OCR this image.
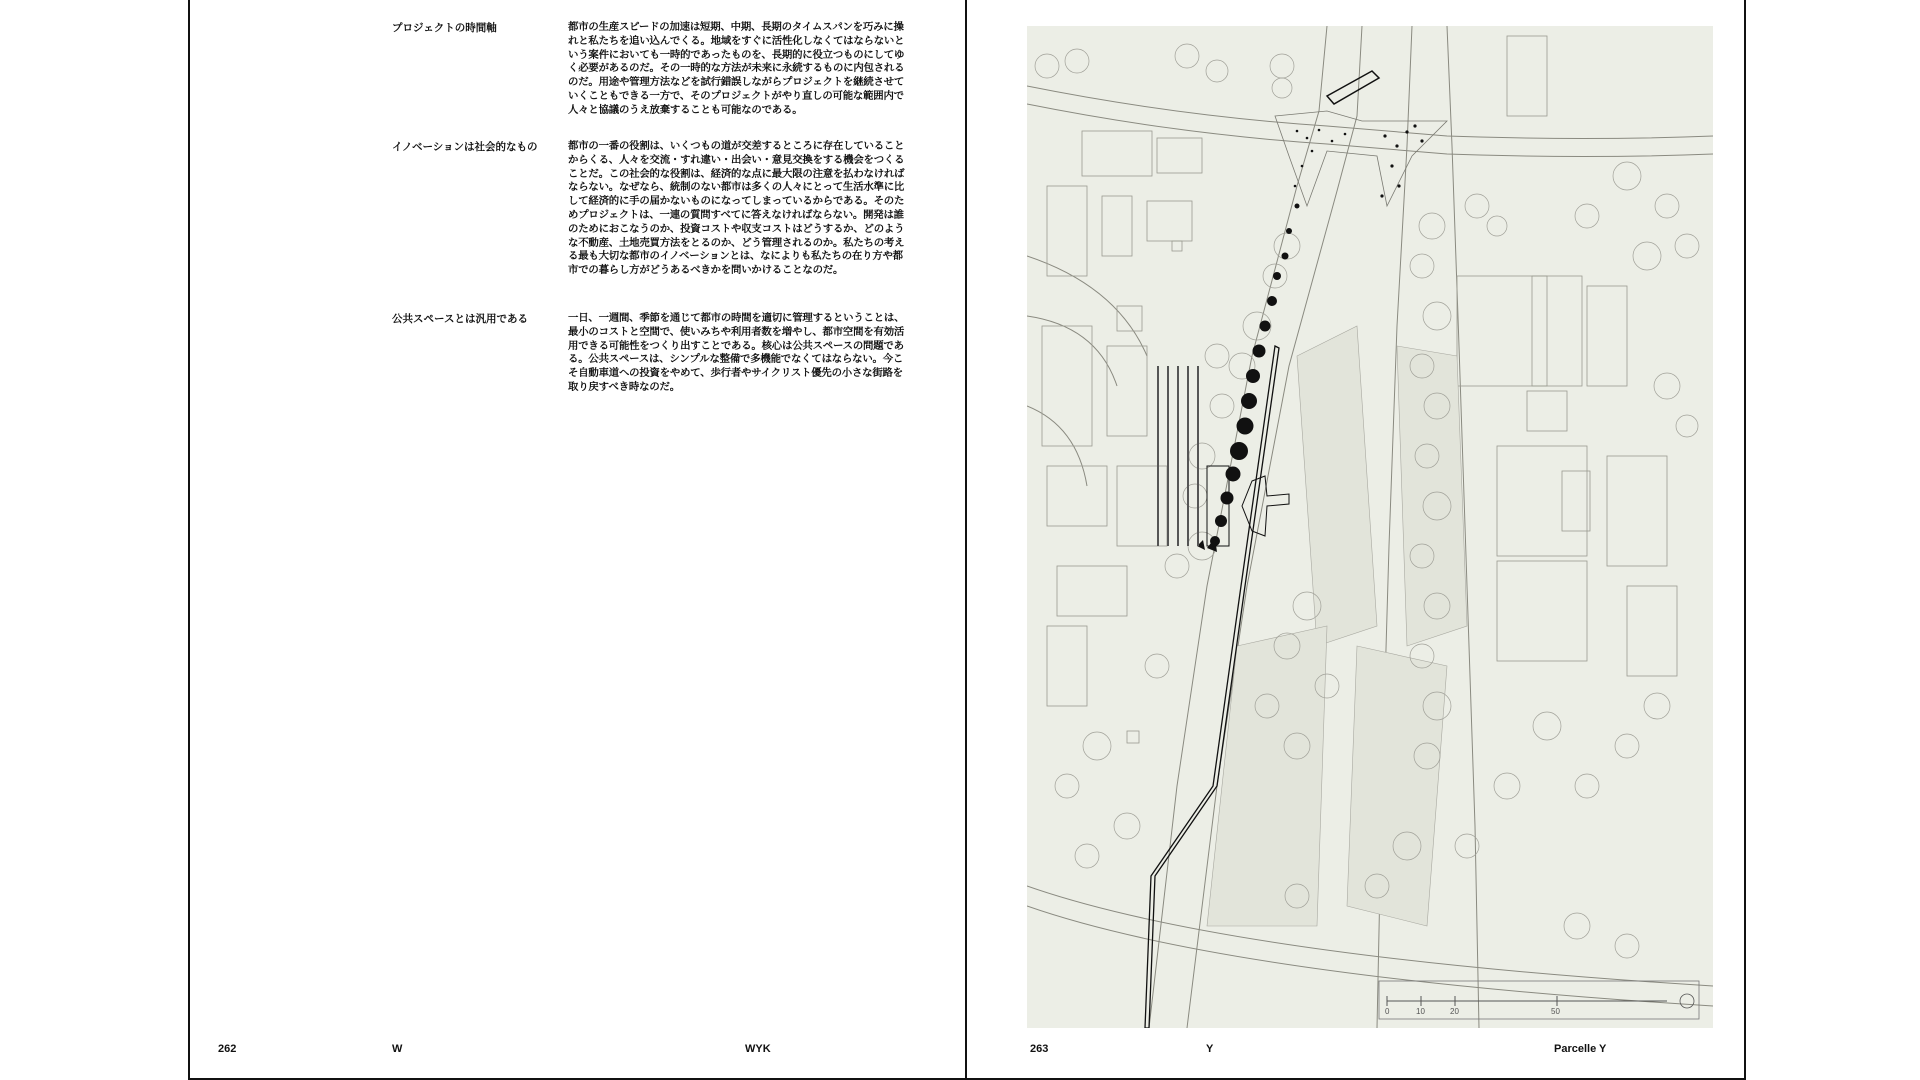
プロジェクトの時間軸	都市の生産スピードの加速は短期、中期、長期のタイムスパンを巧みに操れと私たちを追い込んでくる。地域をすぐに活性化しなくてはならないという案件においても一時的であったものを、長期的に役立つものにしてゆく必要があるのだ。その一時的な方法が未来に永続するものに内包されるのだ。用途や管理方法などを試行錯誤しながらプロジェクトを継続させていくこともできる一方で、そのプロジェクトがやり直しの可能な範囲内で人々と協議のうえ放棄することも可能なのである。
イノベーションは社会的なもの	都市の一番の役割は、いくつもの道が交差するところに存在していることからくる、人々を交流・すれ違い・出会い・意見交換をする機会をつくることだ。この社会的な役割は、経済的な点に最大限の注意を払わなければならない。なぜなら、統制のない都市は多くの人々にとって生活水準に比して経済的に手の届かないものになってしまっているからである。そのためプロジェクトは、一連の質問すべてに答えなければならない。開発は誰のためにおこなうのか、投資コストや収支コストはどうするか、どのような不動産、土地売買方法をとるのか、どう管理されるのか。私たちの考える最も大切な都市のイノベーションとは、なによりも私たちの在り方や都市での暮らし方がどうあるべきかを問いかけることなのだ。
公共スペースとは汎用である	一日、一週間、季節を通じて都市の時間を適切に管理するということは、最小のコストと空間で、使いみちや利用者数を増やし、都市空間を有効活用できる可能性をつくり出すことである。核心は公共スペースの問題である。公共スペースは、シンプルな整備で多機能でなくてはならない。今こそ自動車道への投資をやめて、歩行者やサイクリスト優先の小さな街路を取り戻すべき時なのだ。
262	W	WYK	263	Y	Parcelle Y
0	10	20	50
